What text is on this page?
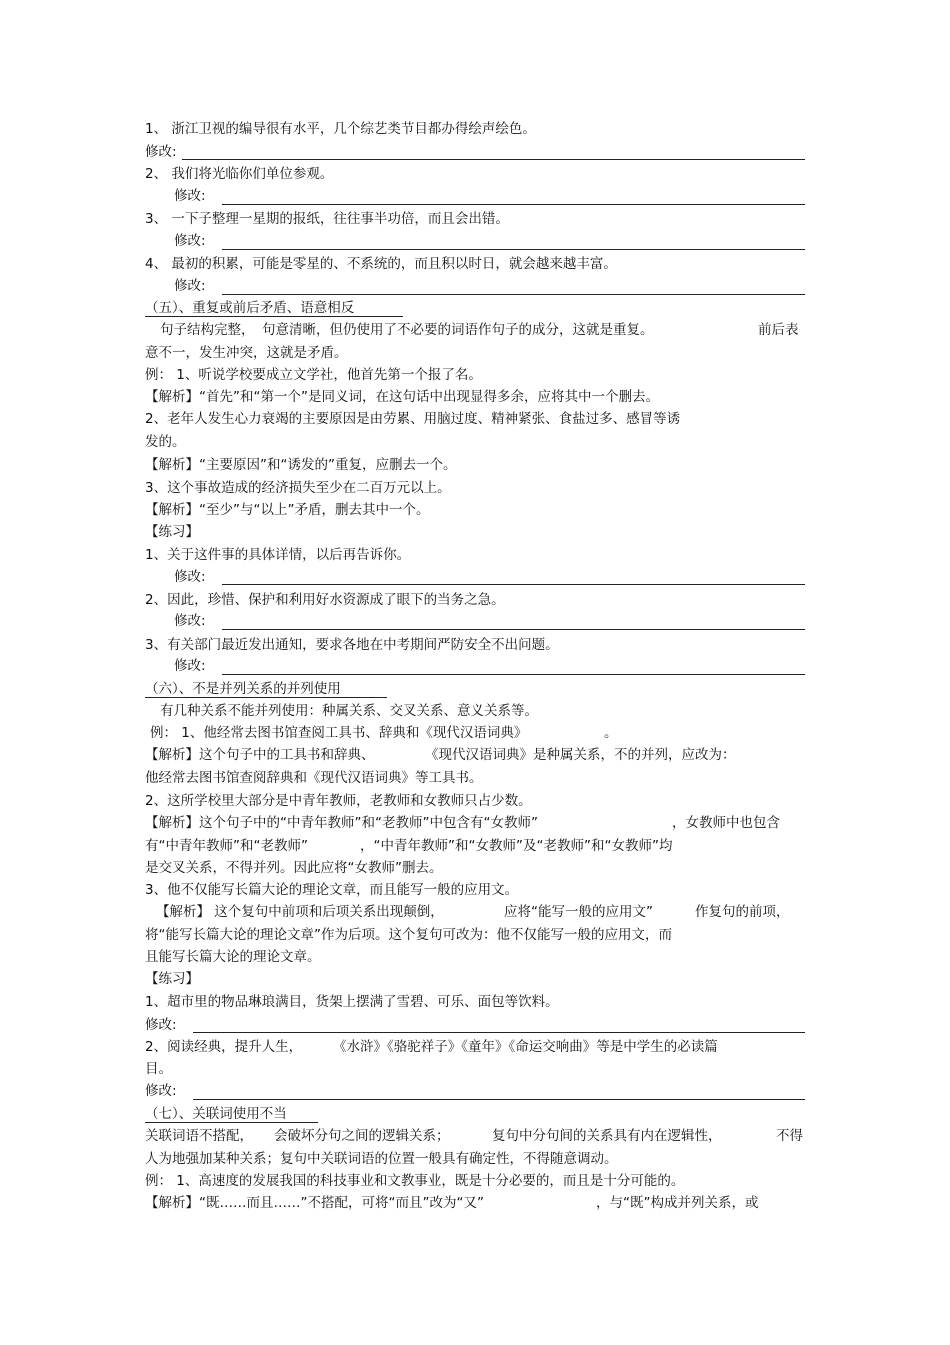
1、 浙江卫视的编导很有水平，几个综艺类节目都办得绘声绘色。
修改:
2、 我们将光临你们单位参观。
修改:
3、 一下子整理一星期的报纸，往往事半功倍，而且会出错。
修改:
4、 最初的积累，可能是零星的、不系统的，而且积以时日，就会越来越丰富。
修改:
（五）、重复或前后矛盾、语意相反
句子结构完整， 句意清晰，但仍使用了不必要的词语作句子的成分，这就是重复。	前后表
意不一，发生冲突，这就是矛盾。
例： 1、听说学校要成立文学社，他首先第一个报了名。
【解析】“首先”和“第一个”是同义词，在这句话中出现显得多余，应将其中一个删去。
2、老年人发生心力衰竭的主要原因是由劳累、用脑过度、精神紧张、食盐过多、感冒等诱
发的。
【解析】“主要原因”和“诱发的”重复，应删去一个。
3、这个事故造成的经济损失至少在二百万元以上。
【解析】“至少”与“以上”矛盾，删去其中一个。
【练习】
1、关于这件事的具体详情，以后再告诉你。
修改:
2、因此，珍惜、保护和利用好水资源成了眼下的当务之急。
修改:
3、有关部门最近发出通知，要求各地在中考期间严防安全不出问题。
修改:
（六）、不是并列关系的并列使用
有几种关系不能并列使用：种属关系、交叉关系、意义关系等。
例： 1、他经常去图书馆查阅工具书、辞典和《现代汉语词典》	。
【解析】这个句子中的工具书和辞典、	《现代汉语词典》是种属关系，不的并列，应改为：
他经常去图书馆查阅辞典和《现代汉语词典》等工具书。
2、这所学校里大部分是中青年教师，老教师和女教师只占少数。
【解析】这个句子中的“中青年教师”和“老教师”中包含有“女教师”	，女教师中也包含
有“中青年教师”和“老教师”	，“中青年教师”和“女教师”及“老教师”和“女教师”均
是交叉关系，不得并列。因此应将“女教师”删去。
3、他不仅能写长篇大论的理论文章，而且能写一般的应用文。
【解析】 这个复句中前项和后项关系出现颠倒，	应将“能写一般的应用文”	作复句的前项，
将“能写长篇大论的理论文章”作为后项。这个复句可改为：他不仅能写一般的应用文，而
且能写长篇大论的理论文章。
【练习】
1、超市里的物品琳琅满目，货架上摆满了雪碧、可乐、面包等饮料。
修改:
2、阅读经典，提升人生， 《水浒》《骆驼祥子》《童年》《命运交响曲》等是中学生的必读篇
目。
修改:
（七）、关联词使用不当
关联词语不搭配， 会破坏分句之间的逻辑关系；	复句中分句间的关系具有内在逻辑性，	不得
人为地强加某种关系；复句中关联词语的位置一般具有确定性，不得随意调动。
例： 1、高速度的发展我国的科技事业和文教事业，既是十分必要的，而且是十分可能的。
【解析】“既……而且……”不搭配，可将“而且”改为“又”	，与“既”构成并列关系，或
